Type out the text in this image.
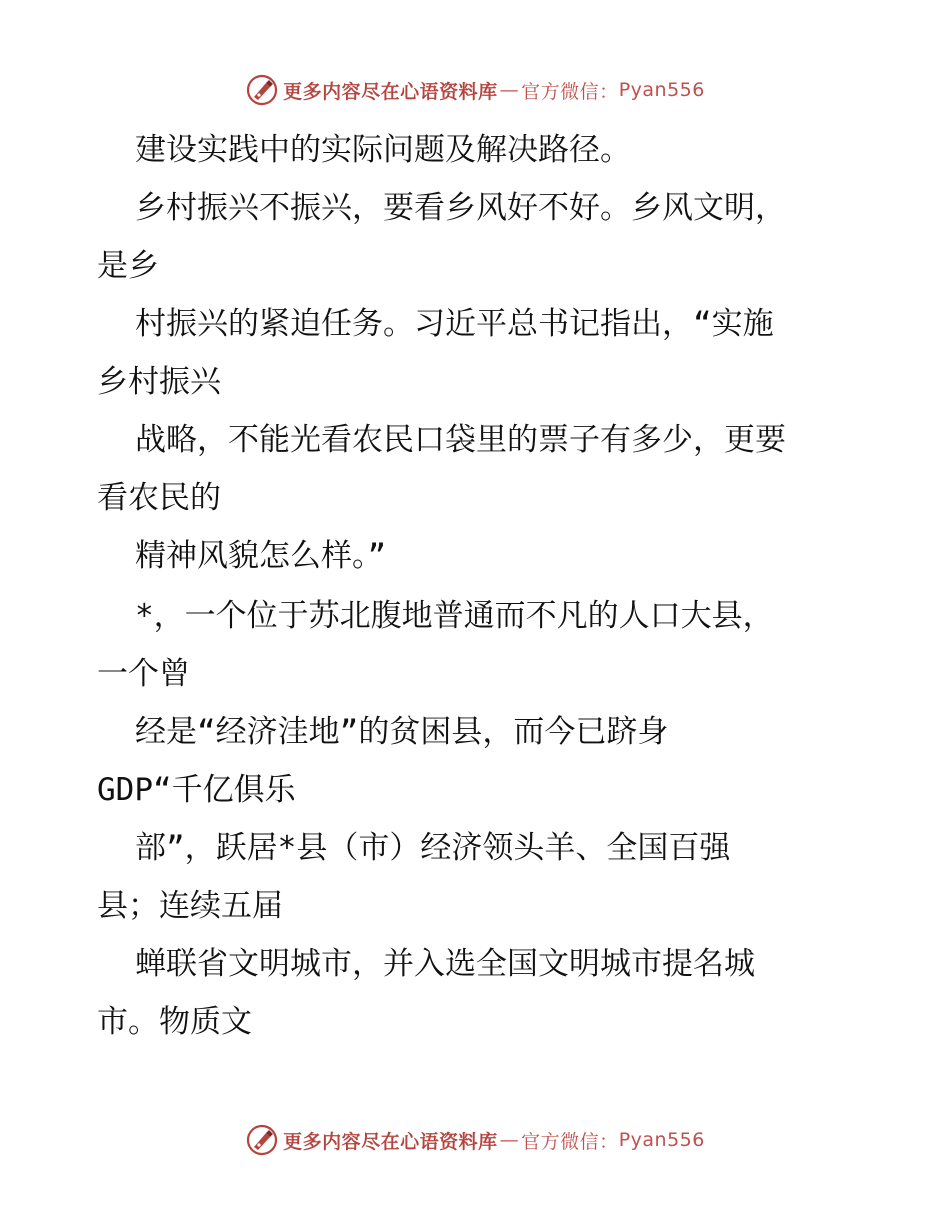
更多内容尽在心语资料库 — 官方微信： Pyan556
建设实践中的实际问题及解决路径。
乡村振兴不振兴，要看乡风好不好。乡风文明，
是乡
村振兴的紧迫任务。习近平总书记指出，“实施
乡村振兴
战略，不能光看农民口袋里的票子有多少，更要
看农民的
精神风貌怎么样。”
*，一个位于苏北腹地普通而不凡的人口大县，
一个曾
经是“经济洼地”的贫困县，而今已跻身
GDP“千亿俱乐
部”，跃居*县（市）经济领头羊、全国百强
县；连续五届
蝉联省文明城市，并入选全国文明城市提名城
市。物质文
更多内容尽在心语资料库 — 官方微信： Pyan556
